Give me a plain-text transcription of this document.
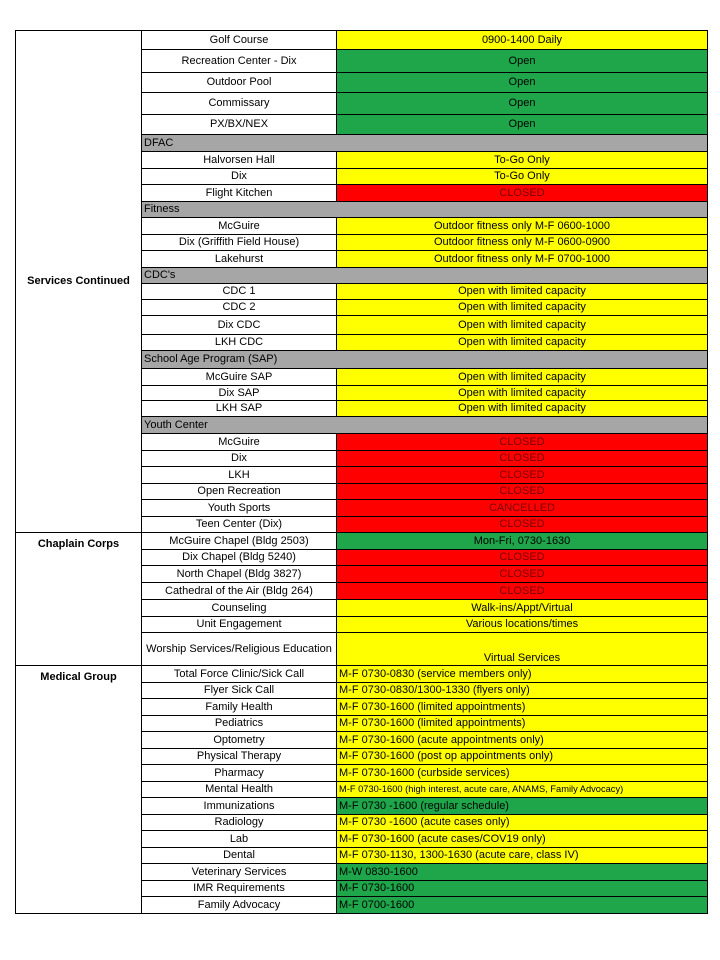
Services Continued	Golf Course	0900-1400 Daily
	Recreation Center - Dix	Open
	Outdoor Pool	Open
	Commissary	Open
	PX/BX/NEX	Open
	DFAC	
	Halvorsen Hall	To-Go Only
	Dix	To-Go Only
	Flight Kitchen	CLOSED
	Fitness	
	McGuire	Outdoor fitness only M-F 0600-1000
	Dix (Griffith Field House)	Outdoor fitness only M-F 0600-0900
	Lakehurst	Outdoor fitness only M-F 0700-1000
	CDC's	
	CDC 1	Open with limited capacity
	CDC 2	Open with limited capacity
	Dix CDC	Open with limited capacity
	LKH CDC	Open with limited capacity
	School Age Program (SAP)	
	McGuire SAP	Open with limited capacity
	Dix SAP	Open with limited capacity
	LKH SAP	Open with limited capacity
	Youth Center	
	McGuire	CLOSED
	Dix	CLOSED
	LKH	CLOSED
	Open Recreation	CLOSED
	Youth Sports	CANCELLED
	Teen Center (Dix)	CLOSED
Chaplain Corps	McGuire Chapel (Bldg 2503)	Mon-Fri, 0730-1630
	Dix Chapel (Bldg 5240)	CLOSED
	North Chapel (Bldg 3827)	CLOSED
	Cathedral of the Air (Bldg 264)	CLOSED
	Counseling	Walk-ins/Appt/Virtual
	Unit Engagement	Various locations/times
	Worship Services/Religious Education	Virtual Services
Medical Group	Total Force Clinic/Sick Call	M-F 0730-0830 (service members only)
	Flyer Sick Call	M-F 0730-0830/1300-1330 (flyers only)
	Family Health	M-F 0730-1600 (limited appointments)
	Pediatrics	M-F 0730-1600 (limited appointments)
	Optometry	M-F 0730-1600 (acute appointments only)
	Physical Therapy	M-F 0730-1600 (post op appointments only)
	Pharmacy	M-F 0730-1600 (curbside services)
	Mental Health	M-F 0730-1600 (high interest, acute care, ANAMS, Family Advocacy)
	Immunizations	M-F 0730 -1600 (regular schedule)
	Radiology	M-F 0730 -1600 (acute cases only)
	Lab	M-F 0730-1600 (acute cases/COV19 only)
	Dental	M-F 0730-1130, 1300-1630 (acute care, class IV)
	Veterinary Services	M-W 0830-1600
	IMR Requirements	M-F 0730-1600
	Family Advocacy	M-F 0700-1600
